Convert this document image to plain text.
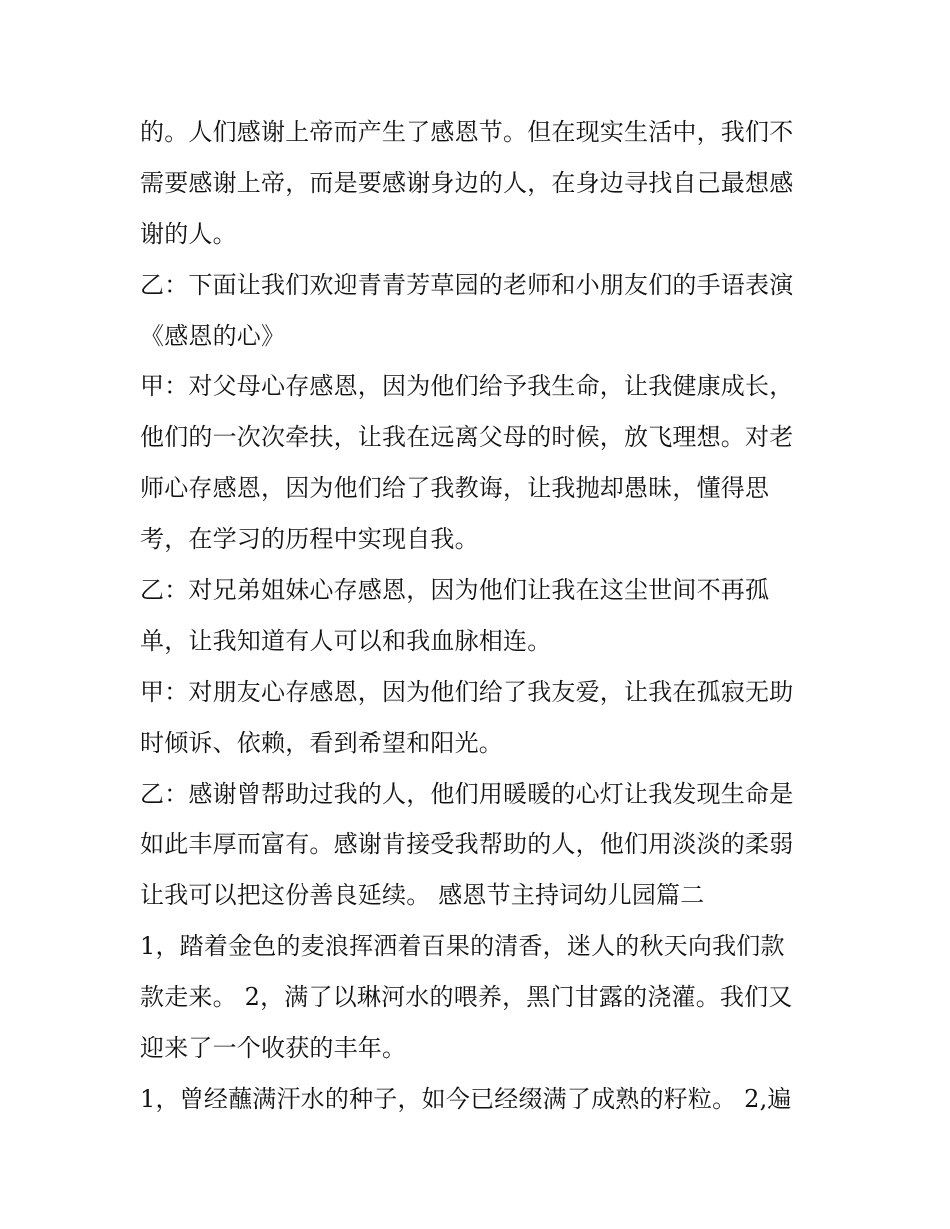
的。人们感谢上帝而产生了感恩节。但在现实生活中，我们不
需要感谢上帝，而是要感谢身边的人，在身边寻找自己最想感
谢的人。
乙：下面让我们欢迎青青芳草园的老师和小朋友们的手语表演
《感恩的心》
甲：对父母心存感恩，因为他们给予我生命，让我健康成长，
他们的一次次牵扶，让我在远离父母的时候，放飞理想。对老
师心存感恩，因为他们给了我教诲，让我抛却愚昧，懂得思
考，在学习的历程中实现自我。
乙：对兄弟姐妹心存感恩，因为他们让我在这尘世间不再孤
单，让我知道有人可以和我血脉相连。
甲：对朋友心存感恩，因为他们给了我友爱，让我在孤寂无助
时倾诉、依赖，看到希望和阳光。
乙：感谢曾帮助过我的人，他们用暖暖的心灯让我发现生命是
如此丰厚而富有。感谢肯接受我帮助的人，他们用淡淡的柔弱
让我可以把这份善良延续。 感恩节主持词幼儿园篇二
1，踏着金色的麦浪挥洒着百果的清香，迷人的秋天向我们款
款走来。 2，满了以琳河水的喂养，黑门甘露的浇灌。我们又
迎来了一个收获的丰年。
1，曾经蘸满汗水的种子，如今已经缀满了成熟的籽粒。 2,遍
